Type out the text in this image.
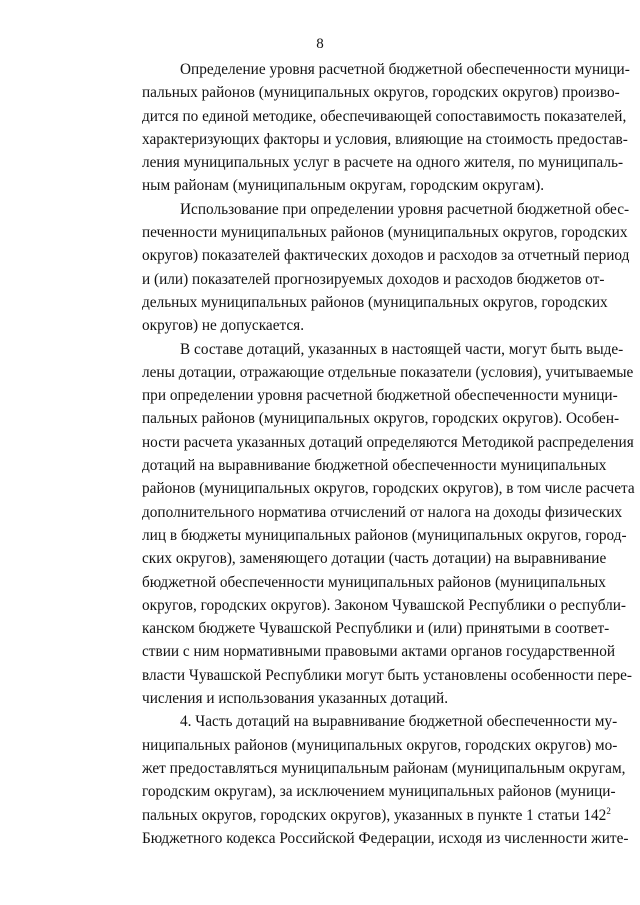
8
Определение уровня расчетной бюджетной обеспеченности муници-
пальных районов (муниципальных округов, городских округов) произво-
дится по единой методике, обеспечивающей сопоставимость показателей,
характеризующих факторы и условия, влияющие на стоимость предостав-
ления муниципальных услуг в расчете на одного жителя, по муниципаль-
ным районам (муниципальным округам, городским округам).
Использование при определении уровня расчетной бюджетной обес-
печенности муниципальных районов (муниципальных округов, городских
округов) показателей фактических доходов и расходов за отчетный период
и (или) показателей прогнозируемых доходов и расходов бюджетов от-
дельных муниципальных районов (муниципальных округов, городских
округов) не допускается.
В составе дотаций, указанных в настоящей части, могут быть выде-
лены дотации, отражающие отдельные показатели (условия), учитываемые
при определении уровня расчетной бюджетной обеспеченности муници-
пальных районов (муниципальных округов, городских округов). Особен-
ности расчета указанных дотаций определяются Методикой распределения
дотаций на выравнивание бюджетной обеспеченности муниципальных
районов (муниципальных округов, городских округов), в том числе расчета
дополнительного норматива отчислений от налога на доходы физических
лиц в бюджеты муниципальных районов (муниципальных округов, город-
ских округов), заменяющего дотации (часть дотации) на выравнивание
бюджетной обеспеченности муниципальных районов (муниципальных
округов, городских округов). Законом Чувашской Республики о республи-
канском бюджете Чувашской Республики и (или) принятыми в соответ-
ствии с ним нормативными правовыми актами органов государственной
власти Чувашской Республики могут быть установлены особенности пере-
числения и использования указанных дотаций.
4. Часть дотаций на выравнивание бюджетной обеспеченности му-
ниципальных районов (муниципальных округов, городских округов) мо-
жет предоставляться муниципальным районам (муниципальным округам,
городским округам), за исключением муниципальных районов (муници-
пальных округов, городских округов), указанных в пункте 1 статьи $142^2$
Бюджетного кодекса Российской Федерации, исходя из численности жите-
